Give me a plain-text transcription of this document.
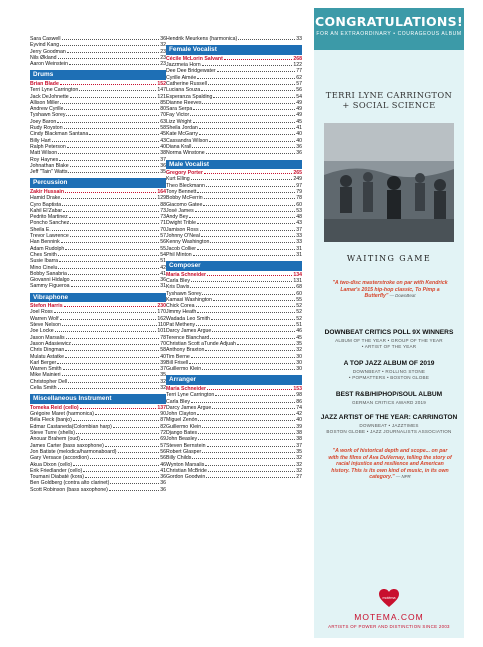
Sara Caswell	36
Eyvind Kang	32
Jerry Goodman	23
Nils Økland	23
Aaron Weinstein	23
Drums
Brian Blade	152
Terri Lyne Carrington	147
Jack DeJohnette	121
Allison Miller	85
Andrew Cyrille	80
Tyshawn Sorey	70
Joey Baron	63
Rudy Royston	58
Cindy Blackman Santana	45
Billy Hart	43
Ralph Peterson	40
Matt Wilson	38
Roy Haynes	37
Johnathan Blake	36
Jeff "Tain" Watts	35
Percussion
Zakir Hussain	164
Hamid Drake	129
Cyro Baptista	88
Kahil El'Zabar	73
Pedrito Martinez	73
Poncho Sanchez	71
Sheila E.	70
Trevor Lawrence	57
Han Bennink	56
Adam Rudolph	55
Ches Smith	54
Susie Ibarra	51
Mino Cinelu	42
Bobby Sanabria	41
Giovanni Hidalgo	36
Sammy Figueroa	31
Vibraphone
Stefon Harris	230
Joel Ross	170
Warren Wolf	162
Steve Nelson	110
Joe Locke	101
Jason Marsalis	78
Jason Adasiewicz	70
Chris Dingman	58
Mulatu Astatke	40
Karl Berger	39
Warren Smith	37
Mike Mainieri	35
Christopher Dell	32
Celia Smith	32
Miscellaneous Instrument
Tomeka Reid (cello)	137
Grégoire Maret (harmonica)	90
Béla Fleck (banjo)	87
Edmar Castaneda(Colombian harp)	82
Steve Turre (shells)	72
Anouar Brahem (oud)	69
James Carter (bass saxophone)	57
Jon Batiste (melodica/harmonaboard)	56
Gary Versace (accordion)	56
Akua Dixon (cello)	46
Erik Friedlander (cello)	41
Toumani Diabaté (kora)	36
Ben Goldberg (contra alto clarinet)	36
Scott Robinson (bass saxophone)	36
Hendrik Meurkens (harmonica)	33
Female Vocalist
Cécile McLorin Salvant	268
Jazzmeia Horn	122
Dee Dee Bridgewater	77
Cyrille Aimée	62
Catherine Russell	57
Luciana Souza	56
Esperanza Spalding	54
Dianne Reeves	49
Sara Serpa	49
Fay Victor	49
Lizz Wright	45
Sheila Jordan	41
Kate McGarry	40
Cassandra Wilson	40
Diana Krall	36
Norma Winstone	36
Male Vocalist
Gregory Porter	265
Kurt Elling	249
Theo Bleckmann	97
Tony Bennett	79
Bobby McFerrin	78
Giacomo Gatee	60
José James	53
Andy Bey	48
Dwight Trible	43
Jamison Ross	37
Johnny O'Neal	33
Kenny Washington	33
Jacob Collier	31
Phil Minton	31
Composer
Maria Schneider	134
Carla Bley	131
Kris Davis	68
Tyshawn Sorey	60
Kamasi Washington	55
Chick Corea	52
Jimmy Heath	52
Wadada Leo Smith	52
Pat Metheny	51
Darcy James Argue	46
Terence Blanchard	45
Christian Scott aTunde Adjuah	35
Anthony Braxton	32
Tim Berne	30
Bill Frisell	30
Guillermo Klein	30
Arranger
Maria Schneider	153
Terri Lyne Carrington	98
Carla Bley	86
Darcy James Argue	74
John Clayton	42
Miguel Zenón	40
Guillermo Klein	39
Django Bates	38
John Beasley	38
Steven Bernstein	37
Robert Glasper	35
Billy Childs	32
Wynton Marsalis	32
Christian McBride	32
Gordon Goodwin	27
CONGRATULATIONS!
FOR AN EXTRAORDINARY • COURAGEOUS ALBUM
TERRI LYNE CARRINGTON
+ SOCIAL SCIENCE
WAITING GAME
"A two-disc masterstroke on par with Kendrick Lamar's 2015 hip-hop classic, To Pimp a Butterfly" — DownBeat
DOWNBEAT CRITICS POLL 9X WINNERS
ALBUM OF THE YEAR • GROUP OF THE YEAR
• ARTIST OF THE YEAR
A TOP JAZZ ALBUM OF 2019
DOWNBEAT • ROLLING STONE
• POPMATTERS • BOSTON GLOBE
BEST R&B/HIPHOP/SOUL ALBUM
GERMAN CRITICS AWARD 2019
JAZZ ARTIST OF THE YEAR: CARRINGTON
DOWNBEAT • JAZZTIMES
BOSTON GLOBE • JAZZ JOURNALISTS ASSOCIATION
"A work of historical depth and scope... on par with the films of Ava DuVernay, telling the story of racial injustice and resilience and American history. This is its own kind of music, in its own category." — NPR
motéma
MOTEMA.COM
ARTISTS OF POWER AND DISTINCTION SINCE 2003
